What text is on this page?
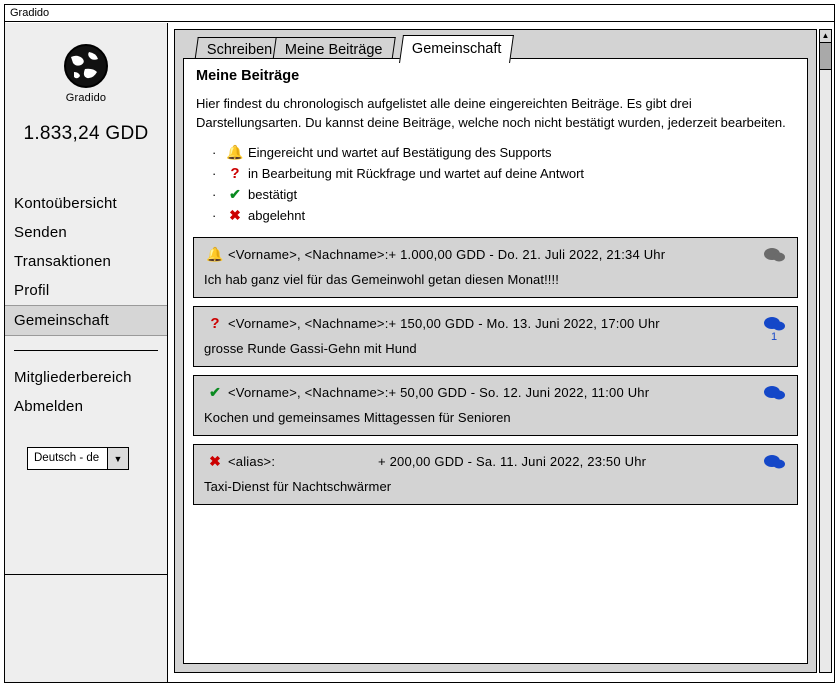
Gradido
Gradido
1.833,24 GDD
Kontoübersicht
Senden
Transaktionen
Profil
Gemeinschaft
Mitgliederbereich
Abmelden
Deutsch - de	▼
Schreiben Meine Beiträge	Gemeinschaft
Meine Beiträge
Hier findest du chronologisch aufgelistet alle deine eingereichten Beiträge. Es gibt drei Darstellungsarten. Du kannst deine Beiträge, welche noch nicht bestätigt wurden, jederzeit bearbeiten.
· 🔔 Eingereicht und wartet auf Bestätigung des Supports
· ? in Bearbeitung mit Rückfrage und wartet auf deine Antwort
· ✔ bestätigt
· ✖ abgelehnt
🔔 <Vorname>, <Nachname>: + 1.000,00 GDD - Do. 21. Juli 2022, 21:34 Uhr
Ich hab ganz viel für das Gemeinwohl getan diesen Monat!!!!
? <Vorname>, <Nachname>: + 150,00 GDD - Mo. 13. Juni 2022, 17:00 Uhr
grosse Runde Gassi-Gehn mit Hund
1
✔ <Vorname>, <Nachname>: + 50,00 GDD - So. 12. Juni 2022, 11:00 Uhr
Kochen und gemeinsames Mittagessen für Senioren
✖ <alias>:	+ 200,00 GDD - Sa. 11. Juni 2022, 23:50 Uhr
Taxi-Dienst für Nachtschwärmer
▲
